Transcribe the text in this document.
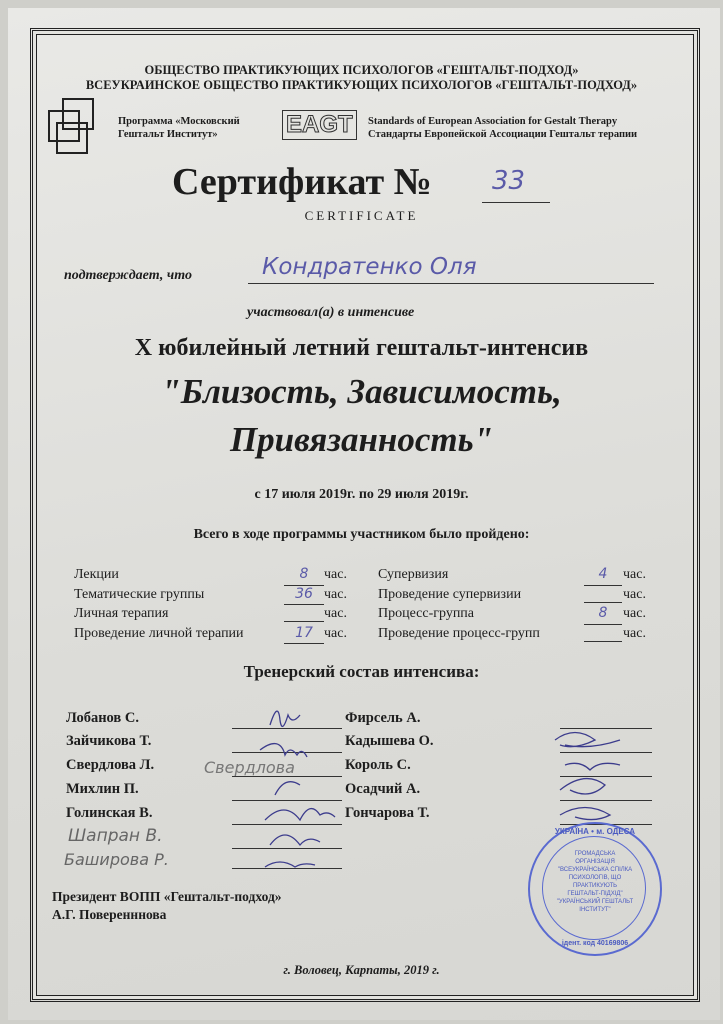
ОБЩЕСТВО ПРАКТИКУЮЩИХ ПСИХОЛОГОВ «ГЕШТАЛЬТ-ПОДХОД»
ВСЕУКРАИНСКОЕ ОБЩЕСТВО ПРАКТИКУЮЩИХ ПСИХОЛОГОВ «ГЕШТАЛЬТ-ПОДХОД»
Программа «Московский
Гештальт Институт»	EAGT	Standards of European Association for Gestalt Therapy
Стандарты Европейской Ассоциации Гештальт терапии
Сертификат № 33
CERTIFICATE
подтверждает, что	Кондратенко Оля
участвовал(а) в интенсиве
X юбилейный летний гештальт-интенсив
"Близость, Зависимость,
Привязанность"
с 17 июля 2019г. по 29 июля 2019г.
Всего в ходе программы участником было пройдено:
Лекции	8	час.
Тематические группы	36 час.
Личная терапия	час.
Проведение личной терапии	17 час.
Супервизия	4	час.
Проведение супервизии	час.
Процесс-группа	8	час.
Проведение процесс-групп	час.
Тренерский состав интенсива:
Лобанов С.
Зайчикова Т.
Свердлова Л.
Михлин П.
Голинская В.
Шапран В.
Баширова Р.
Свердлова
Фирсель А.
Кадышева О.
Король С.
Осадчий А.
Гончарова Т.
УКРАЇНА • м. ОДЕСА
ГРОМАДСЬКА ОРГАНІЗАЦІЯ "ВСЕУКРАЇНСЬКА СПІЛКА ПСИХОЛОГІВ, ЩО ПРАКТИКУЮТЬ ГЕШТАЛЬТ-ПІДХІД" "УКРАЇНСЬКИЙ ГЕШТАЛЬТ ІНСТИТУТ"
ідент. код 40169806
Президент ВОПП «Гештальт-подход»
А.Г. Поверенннова
г. Воловец, Карпаты, 2019 г.
